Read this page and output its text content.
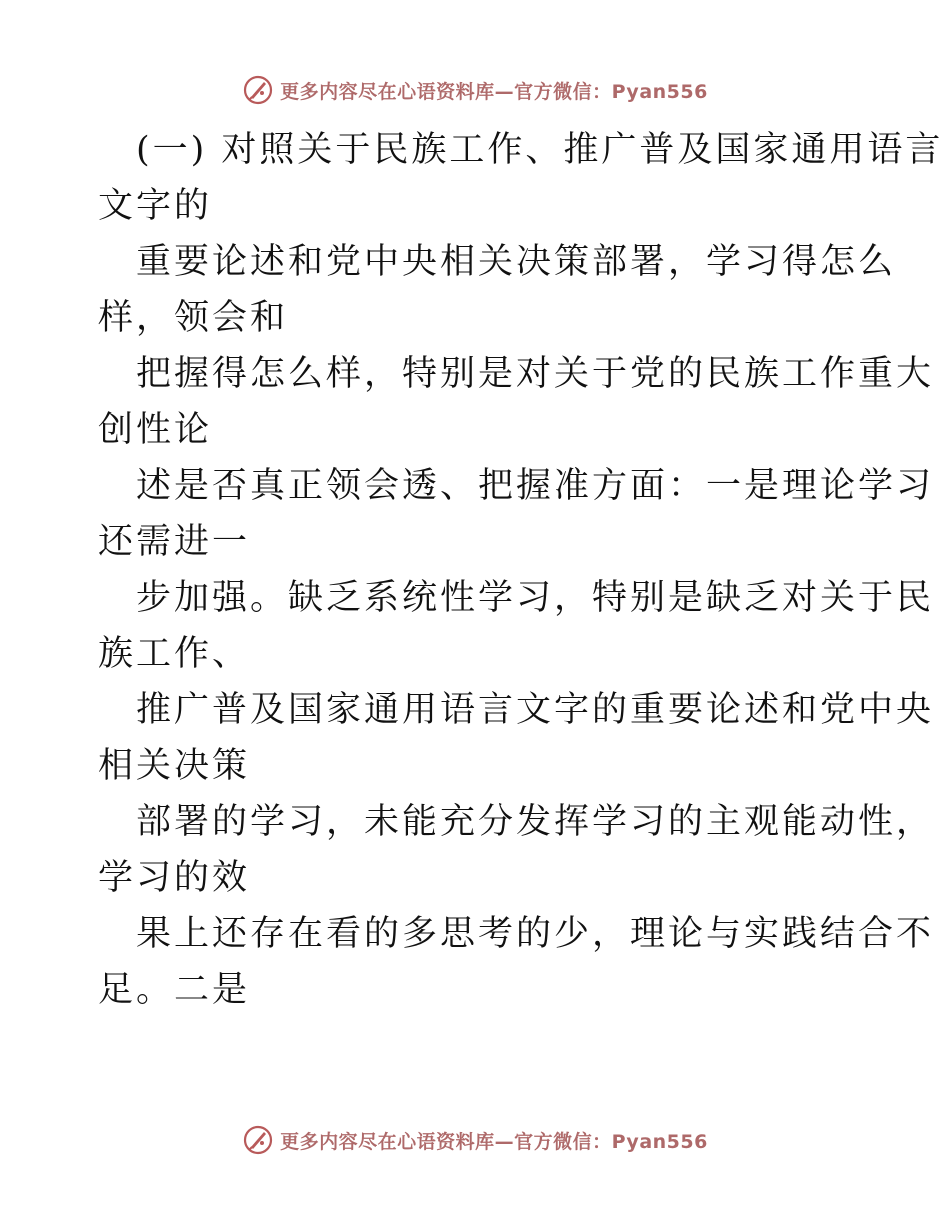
更多内容尽在心语资料库—官方微信：Pyan556

(一) 对照关于民族工作、推广普及国家通用语言
文字的

重要论述和党中央相关决策部署，学习得怎么
样，领会和

把握得怎么样，特别是对关于党的民族工作重大
创性论

述是否真正领会透、把握准方面：一是理论学习
还需进一

步加强。缺乏系统性学习，特别是缺乏对关于民
族工作、

推广普及国家通用语言文字的重要论述和党中央
相关决策

部署的学习，未能充分发挥学习的主观能动性，
学习的效

果上还存在看的多思考的少，理论与实践结合不
足。二是

更多内容尽在心语资料库—官方微信：Pyan556
